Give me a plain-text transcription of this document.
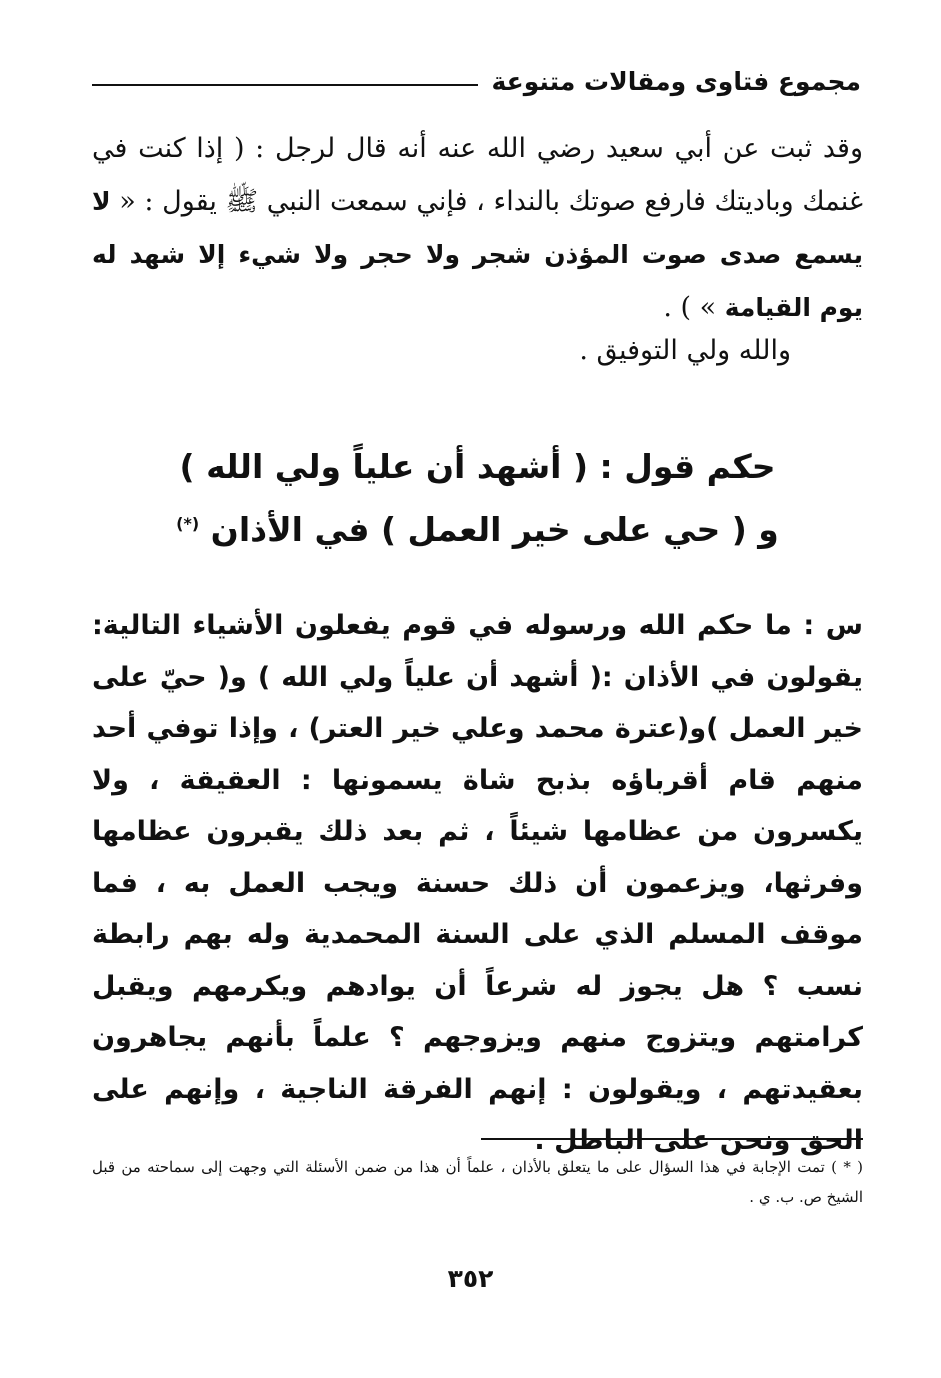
مجموع فتاوى ومقالات متنوعة
وقد ثبت عن أبي سعيد رضي الله عنه أنه قال لرجل : ( إذا كنت في غنمك وباديتك فارفع صوتك بالنداء ، فإني سمعت النبي ﷺ يقول : « لا يسمع صدى صوت المؤذن شجر ولا حجر ولا شيء إلا شهد له يوم القيامة » ) .
والله ولي التوفيق .
حكم قول : ( أشهد أن علياً ولي الله )
و ( حي على خير العمل ) في الأذان (*)
س : ما حكم الله ورسوله في قوم يفعلون الأشياء التالية: يقولون في الأذان :( أشهد أن علياً ولي الله ) و( حيّ على خير العمل )و(عترة محمد وعلي خير العتر) ، وإذا توفي أحد منهم قام أقرباؤه بذبح شاة يسمونها : العقيقة ، ولا يكسرون من عظامها شيئاً ، ثم بعد ذلك يقبرون عظامها وفرثها، ويزعمون أن ذلك حسنة ويجب العمل به ، فما موقف المسلم الذي على السنة المحمدية وله بهم رابطة نسب ؟ هل يجوز له شرعاً أن يوادهم ويكرمهم ويقبل كرامتهم ويتزوج منهم ويزوجهم ؟ علماً بأنهم يجاهرون بعقيدتهم ، ويقولون : إنهم الفرقة الناجية ، وإنهم على الحق ونحن على الباطل .
( * ) تمت الإجابة في هذا السؤال على ما يتعلق بالأذان ، علماً أن هذا من ضمن الأسئلة التي وجهت إلى سماحته من قبل الشيخ ص. ب. ي .
٣٥٢
